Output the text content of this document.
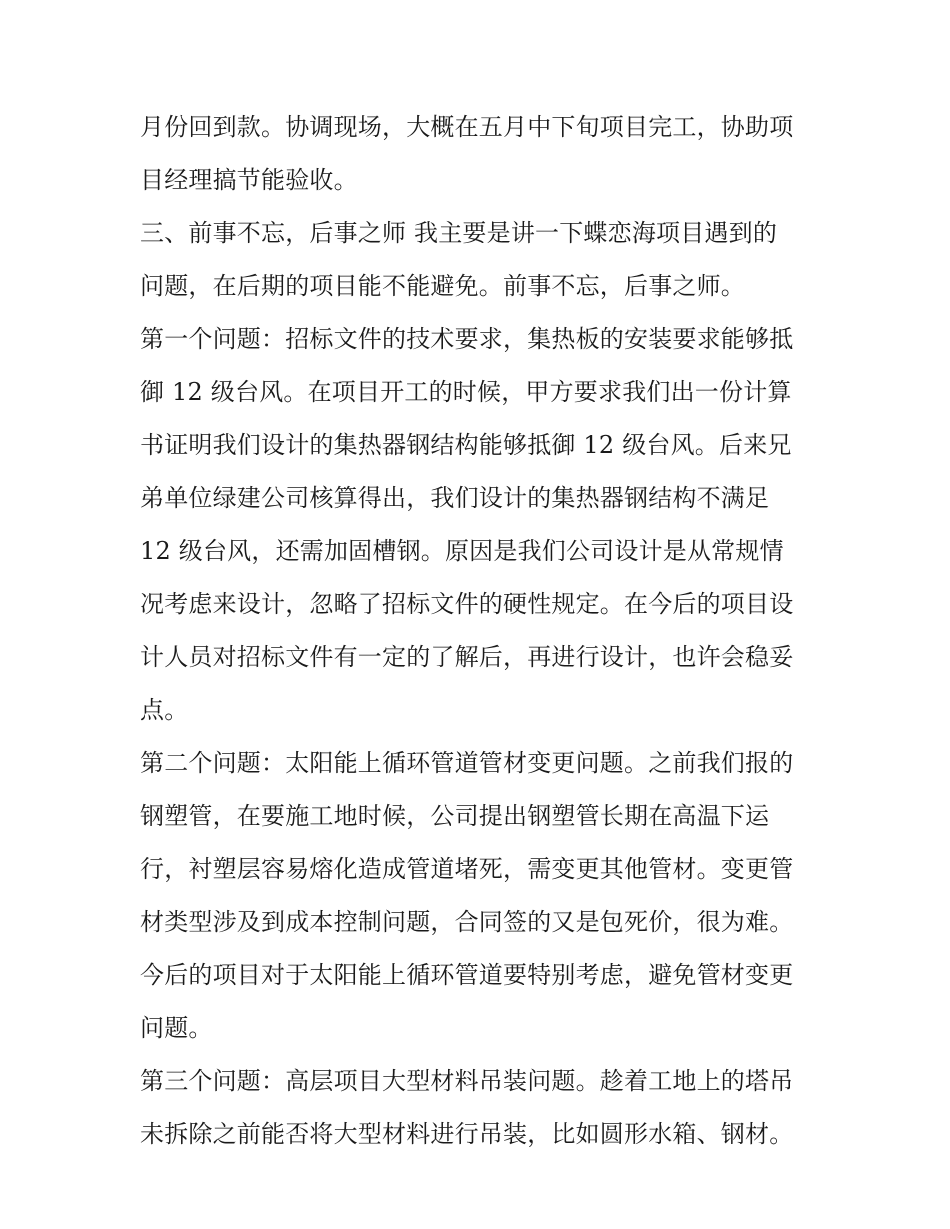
月份回到款。协调现场，大概在五月中下旬项目完工，协助项
目经理搞节能验收。
三、前事不忘，后事之师 我主要是讲一下蝶恋海项目遇到的
问题，在后期的项目能不能避免。前事不忘，后事之师。
第一个问题：招标文件的技术要求，集热板的安装要求能够抵
御 12 级台风。在项目开工的时候，甲方要求我们出一份计算
书证明我们设计的集热器钢结构能够抵御 12 级台风。后来兄
弟单位绿建公司核算得出，我们设计的集热器钢结构不满足
12 级台风，还需加固槽钢。原因是我们公司设计是从常规情
况考虑来设计，忽略了招标文件的硬性规定。在今后的项目设
计人员对招标文件有一定的了解后，再进行设计，也许会稳妥
点。
第二个问题：太阳能上循环管道管材变更问题。之前我们报的
钢塑管，在要施工地时候，公司提出钢塑管长期在高温下运
行，衬塑层容易熔化造成管道堵死，需变更其他管材。变更管
材类型涉及到成本控制问题，合同签的又是包死价，很为难。
今后的项目对于太阳能上循环管道要特别考虑，避免管材变更
问题。
第三个问题：高层项目大型材料吊装问题。趁着工地上的塔吊
未拆除之前能否将大型材料进行吊装，比如圆形水箱、钢材。
